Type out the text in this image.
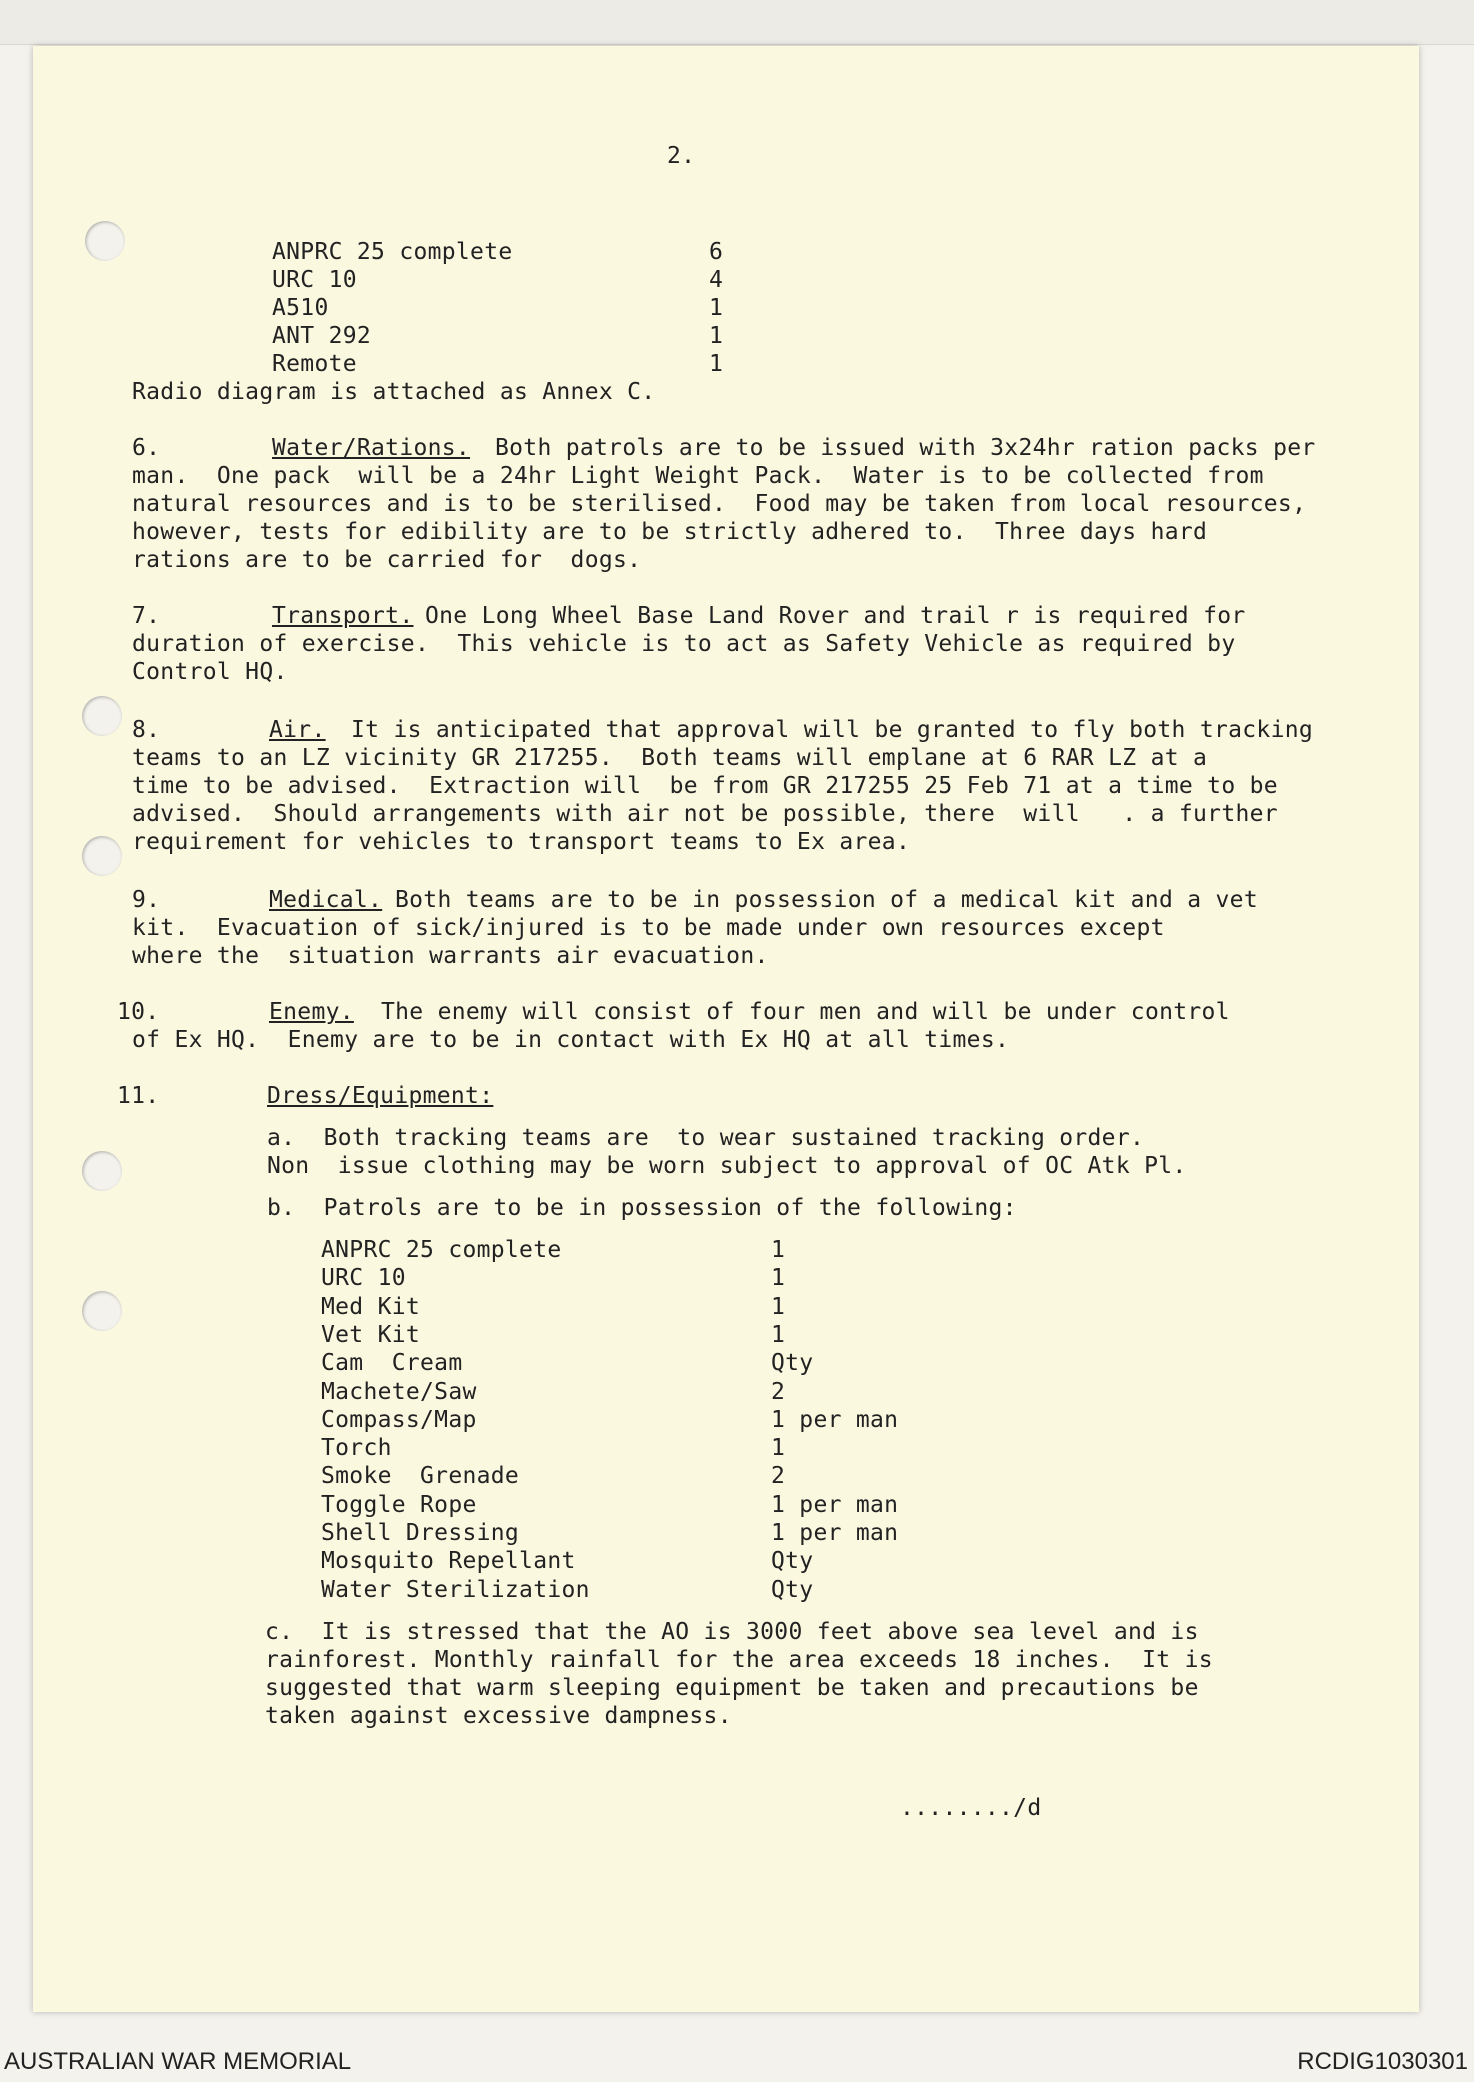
2.
ANPRC 25 complete	6
URC 10	4
A510	1
ANT 292	1
Remote	1
Radio diagram is attached as Annex C.
6.	Water/Rations. Both patrols are to be issued with 3x24hr ration packs per
man.  One pack  will be a 24hr Light Weight Pack.  Water is to be collected from
natural resources and is to be sterilised.  Food may be taken from local resources,
however, tests for edibility are to be strictly adhered to.  Three days hard
rations are to be carried for  dogs.
7.	Transport. One Long Wheel Base Land Rover and trail r is required for
duration of exercise.  This vehicle is to act as Safety Vehicle as required by
Control HQ.
8.	Air. It is anticipated that approval will be granted to fly both tracking
teams to an LZ vicinity GR 217255.  Both teams will emplane at 6 RAR LZ at a
time to be advised.  Extraction will  be from GR 217255 25 Feb 71 at a time to be
advised.  Should arrangements with air not be possible, there  will   . a further
requirement for vehicles to transport teams to Ex area.
9.	Medical. Both teams are to be in possession of a medical kit and a vet
kit.  Evacuation of sick/injured is to be made under own resources except
where the  situation warrants air evacuation.
10.	Enemy. The enemy will consist of four men and will be under control
of Ex HQ.  Enemy are to be in contact with Ex HQ at all times.
11.	Dress/Equipment:
a.  Both tracking teams are  to wear sustained tracking order.
Non  issue clothing may be worn subject to approval of OC Atk Pl.
b.  Patrols are to be in possession of the following:
ANPRC 25 complete	1
URC 10	1
Med Kit	1
Vet Kit	1
Cam  Cream	Qty
Machete/Saw	2
Compass/Map	1 per man
Torch	1
Smoke  Grenade	2
Toggle Rope	1 per man
Shell Dressing	1 per man
Mosquito Repellant	Qty
Water Sterilization	Qty
c.  It is stressed that the AO is 3000 feet above sea level and is
rainforest. Monthly rainfall for the area exceeds 18 inches.  It is
suggested that warm sleeping equipment be taken and precautions be
taken against excessive dampness.
......../d
AUSTRALIAN WAR MEMORIAL	RCDIG1030301
